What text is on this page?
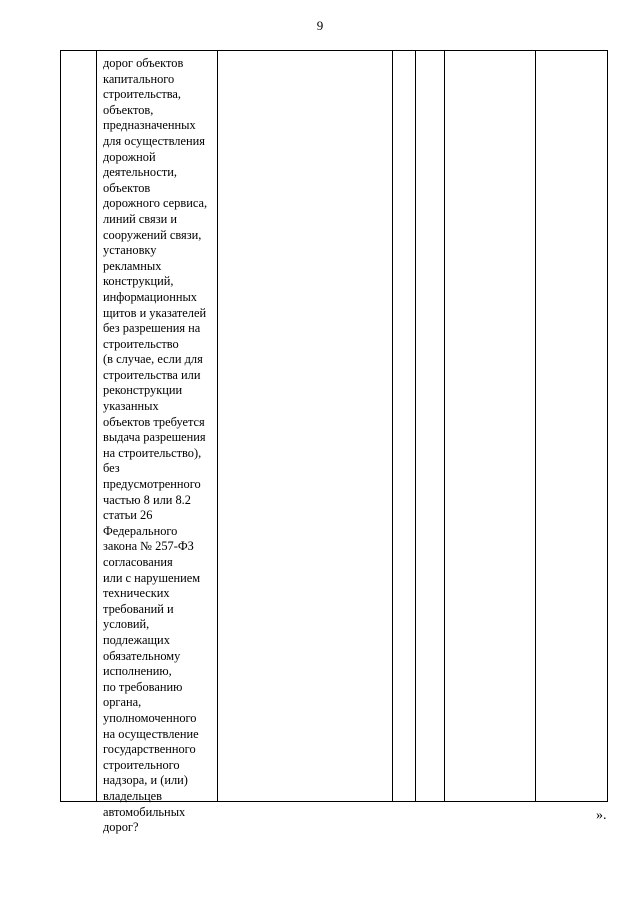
9

дорог объектов
капитального
строительства,
объектов,
предназначенных
для осуществления
дорожной
деятельности,
объектов
дорожного сервиса,
линий связи и
сооружений связи,
установку
рекламных
конструкций,
информационных
щитов и указателей
без разрешения на
строительство
(в случае, если для
строительства или
реконструкции
указанных
объектов требуется
выдача разрешения
на строительство),
без
предусмотренного
частью 8 или 8.2
статьи 26
Федерального
закона № 257-ФЗ
согласования
или с нарушением
технических
требований и
условий,
подлежащих
обязательному
исполнению,
по требованию
органа,
уполномоченного
на осуществление
государственного
строительного
надзора, и (или)
владельцев
автомобильных
дорог?

».
